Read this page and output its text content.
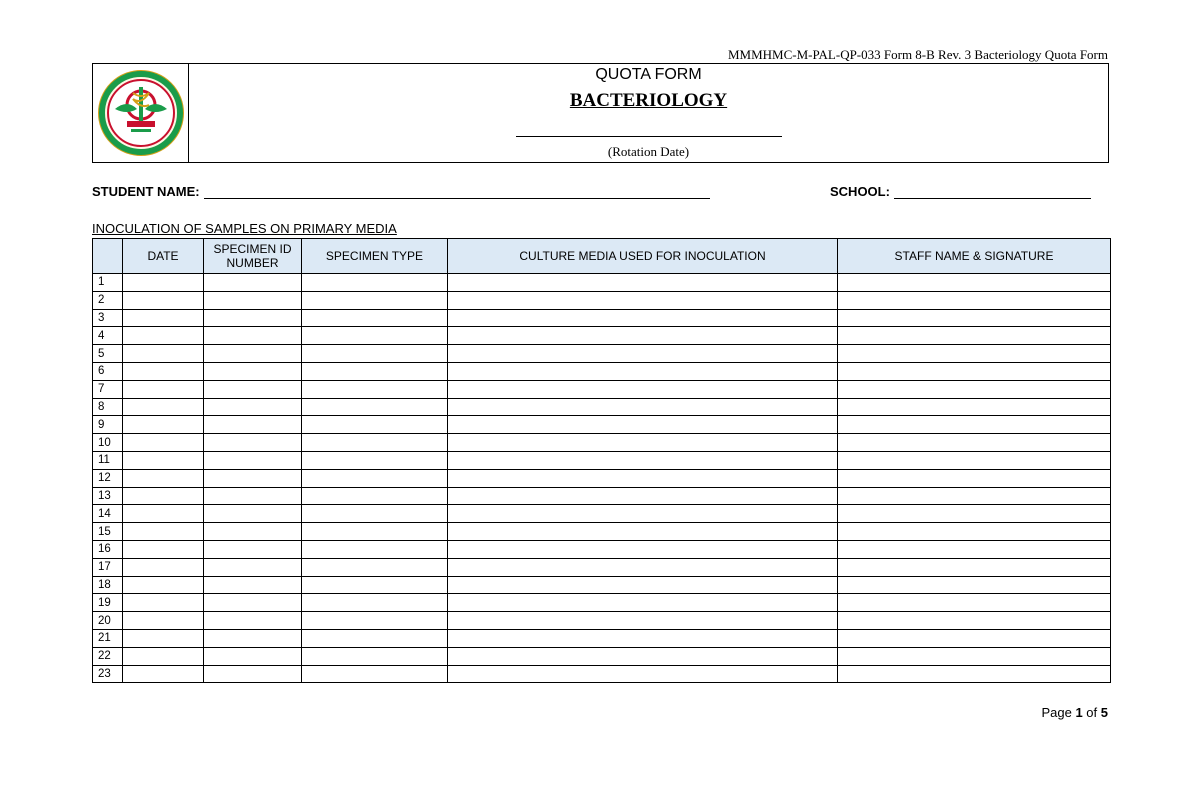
MMMHMC-M-PAL-QP-033 Form 8-B Rev. 3 Bacteriology Quota Form
QUOTA FORM
BACTERIOLOGY
(Rotation Date)
STUDENT NAME:	SCHOOL:
INOCULATION OF SAMPLES ON PRIMARY MEDIA
	DATE	SPECIMEN ID NUMBER	SPECIMEN TYPE	CULTURE MEDIA USED FOR INOCULATION	STAFF NAME & SIGNATURE
1					
2					
3					
4					
5					
6					
7					
8					
9					
10					
11					
12					
13					
14					
15					
16					
17					
18					
19					
20					
21					
22					
23					
Page 1 of 5
